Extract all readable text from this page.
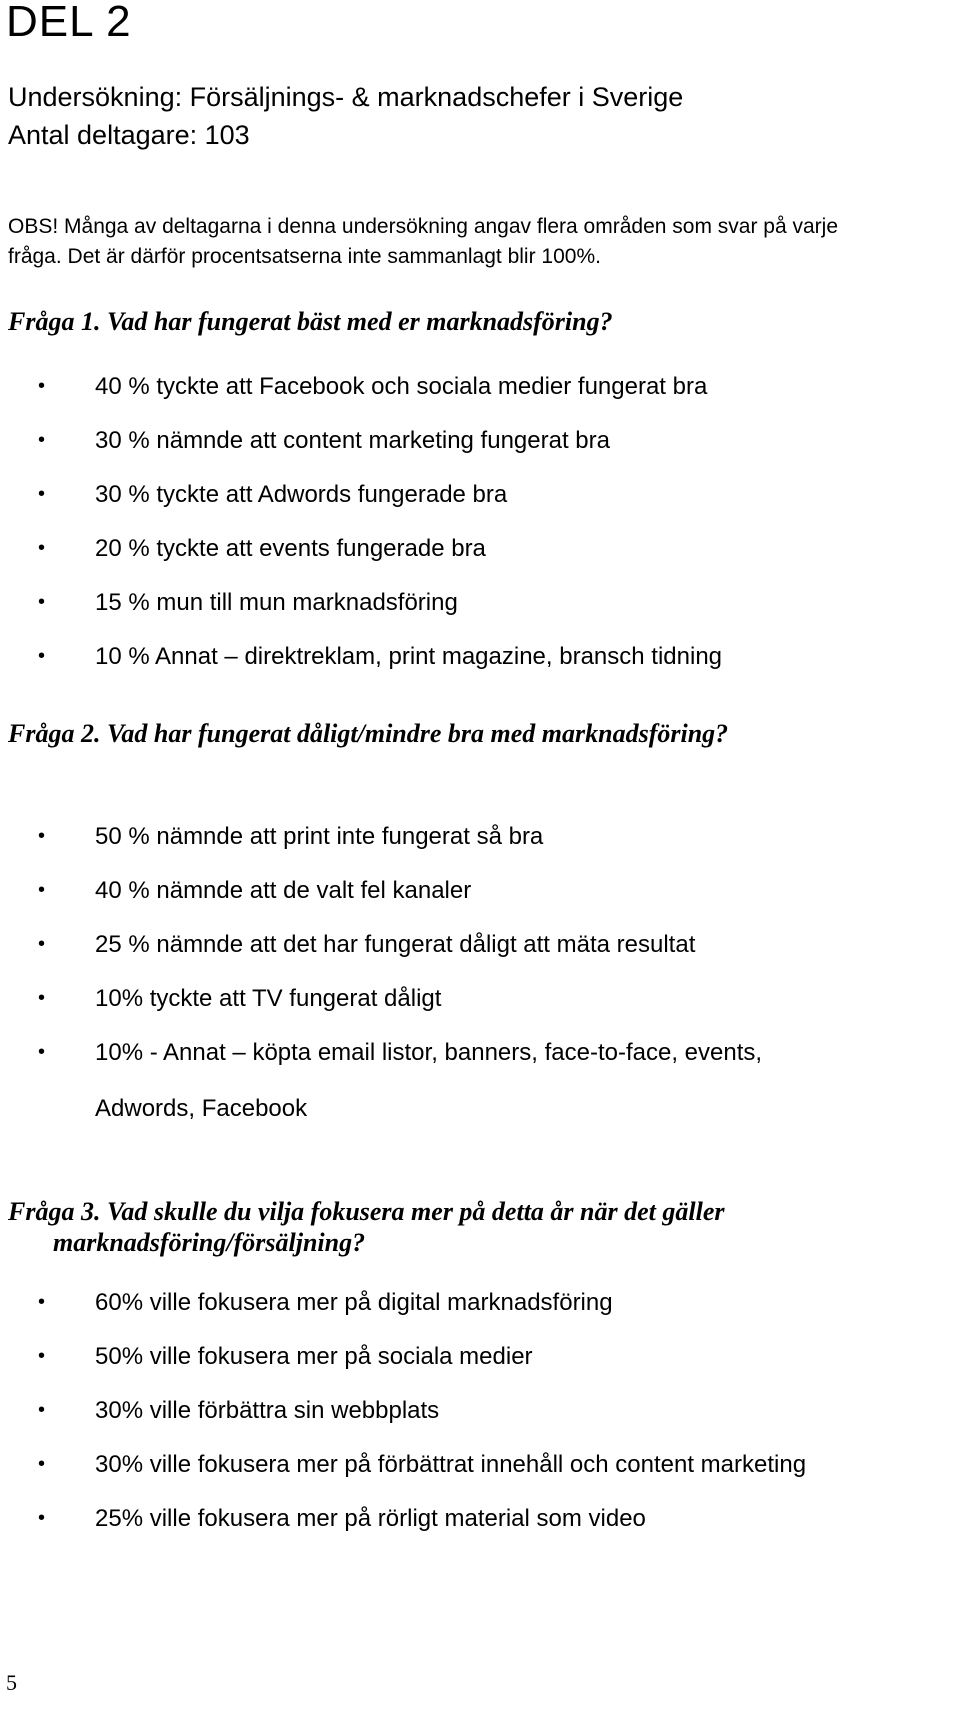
DEL 2

Undersökning: Försäljnings- & marknadschefer i Sverige

Antal deltagare: 103

OBS! Många av deltagarna i denna undersökning angav flera områden som svar på varje
fråga. Det är därför procentsatserna inte sammanlagt blir 100%.

Fråga 1. Vad har fungerat bäst med er marknadsföring?

• 40 % tyckte att Facebook och sociala medier fungerat bra
• 30 % nämnde att content marketing fungerat bra
• 30 % tyckte att Adwords fungerade bra
• 20 % tyckte att events fungerade bra
• 15 % mun till mun marknadsföring
• 10 % Annat – direktreklam, print magazine, bransch tidning

Fråga 2. Vad har fungerat dåligt/mindre bra med marknadsföring?

• 50 % nämnde att print inte fungerat så bra
• 40 % nämnde att de valt fel kanaler
• 25 % nämnde att det har fungerat dåligt att mäta resultat
• 10% tyckte att TV fungerat dåligt
• 10% - Annat – köpta email listor, banners, face-to-face, events,
Adwords, Facebook

Fråga 3. Vad skulle du vilja fokusera mer på detta år när det gäller
marknadsföring/försäljning?

• 60% ville fokusera mer på digital marknadsföring
• 50% ville fokusera mer på sociala medier
• 30% ville förbättra sin webbplats
• 30% ville fokusera mer på förbättrat innehåll och content marketing
• 25% ville fokusera mer på rörligt material som video

5
